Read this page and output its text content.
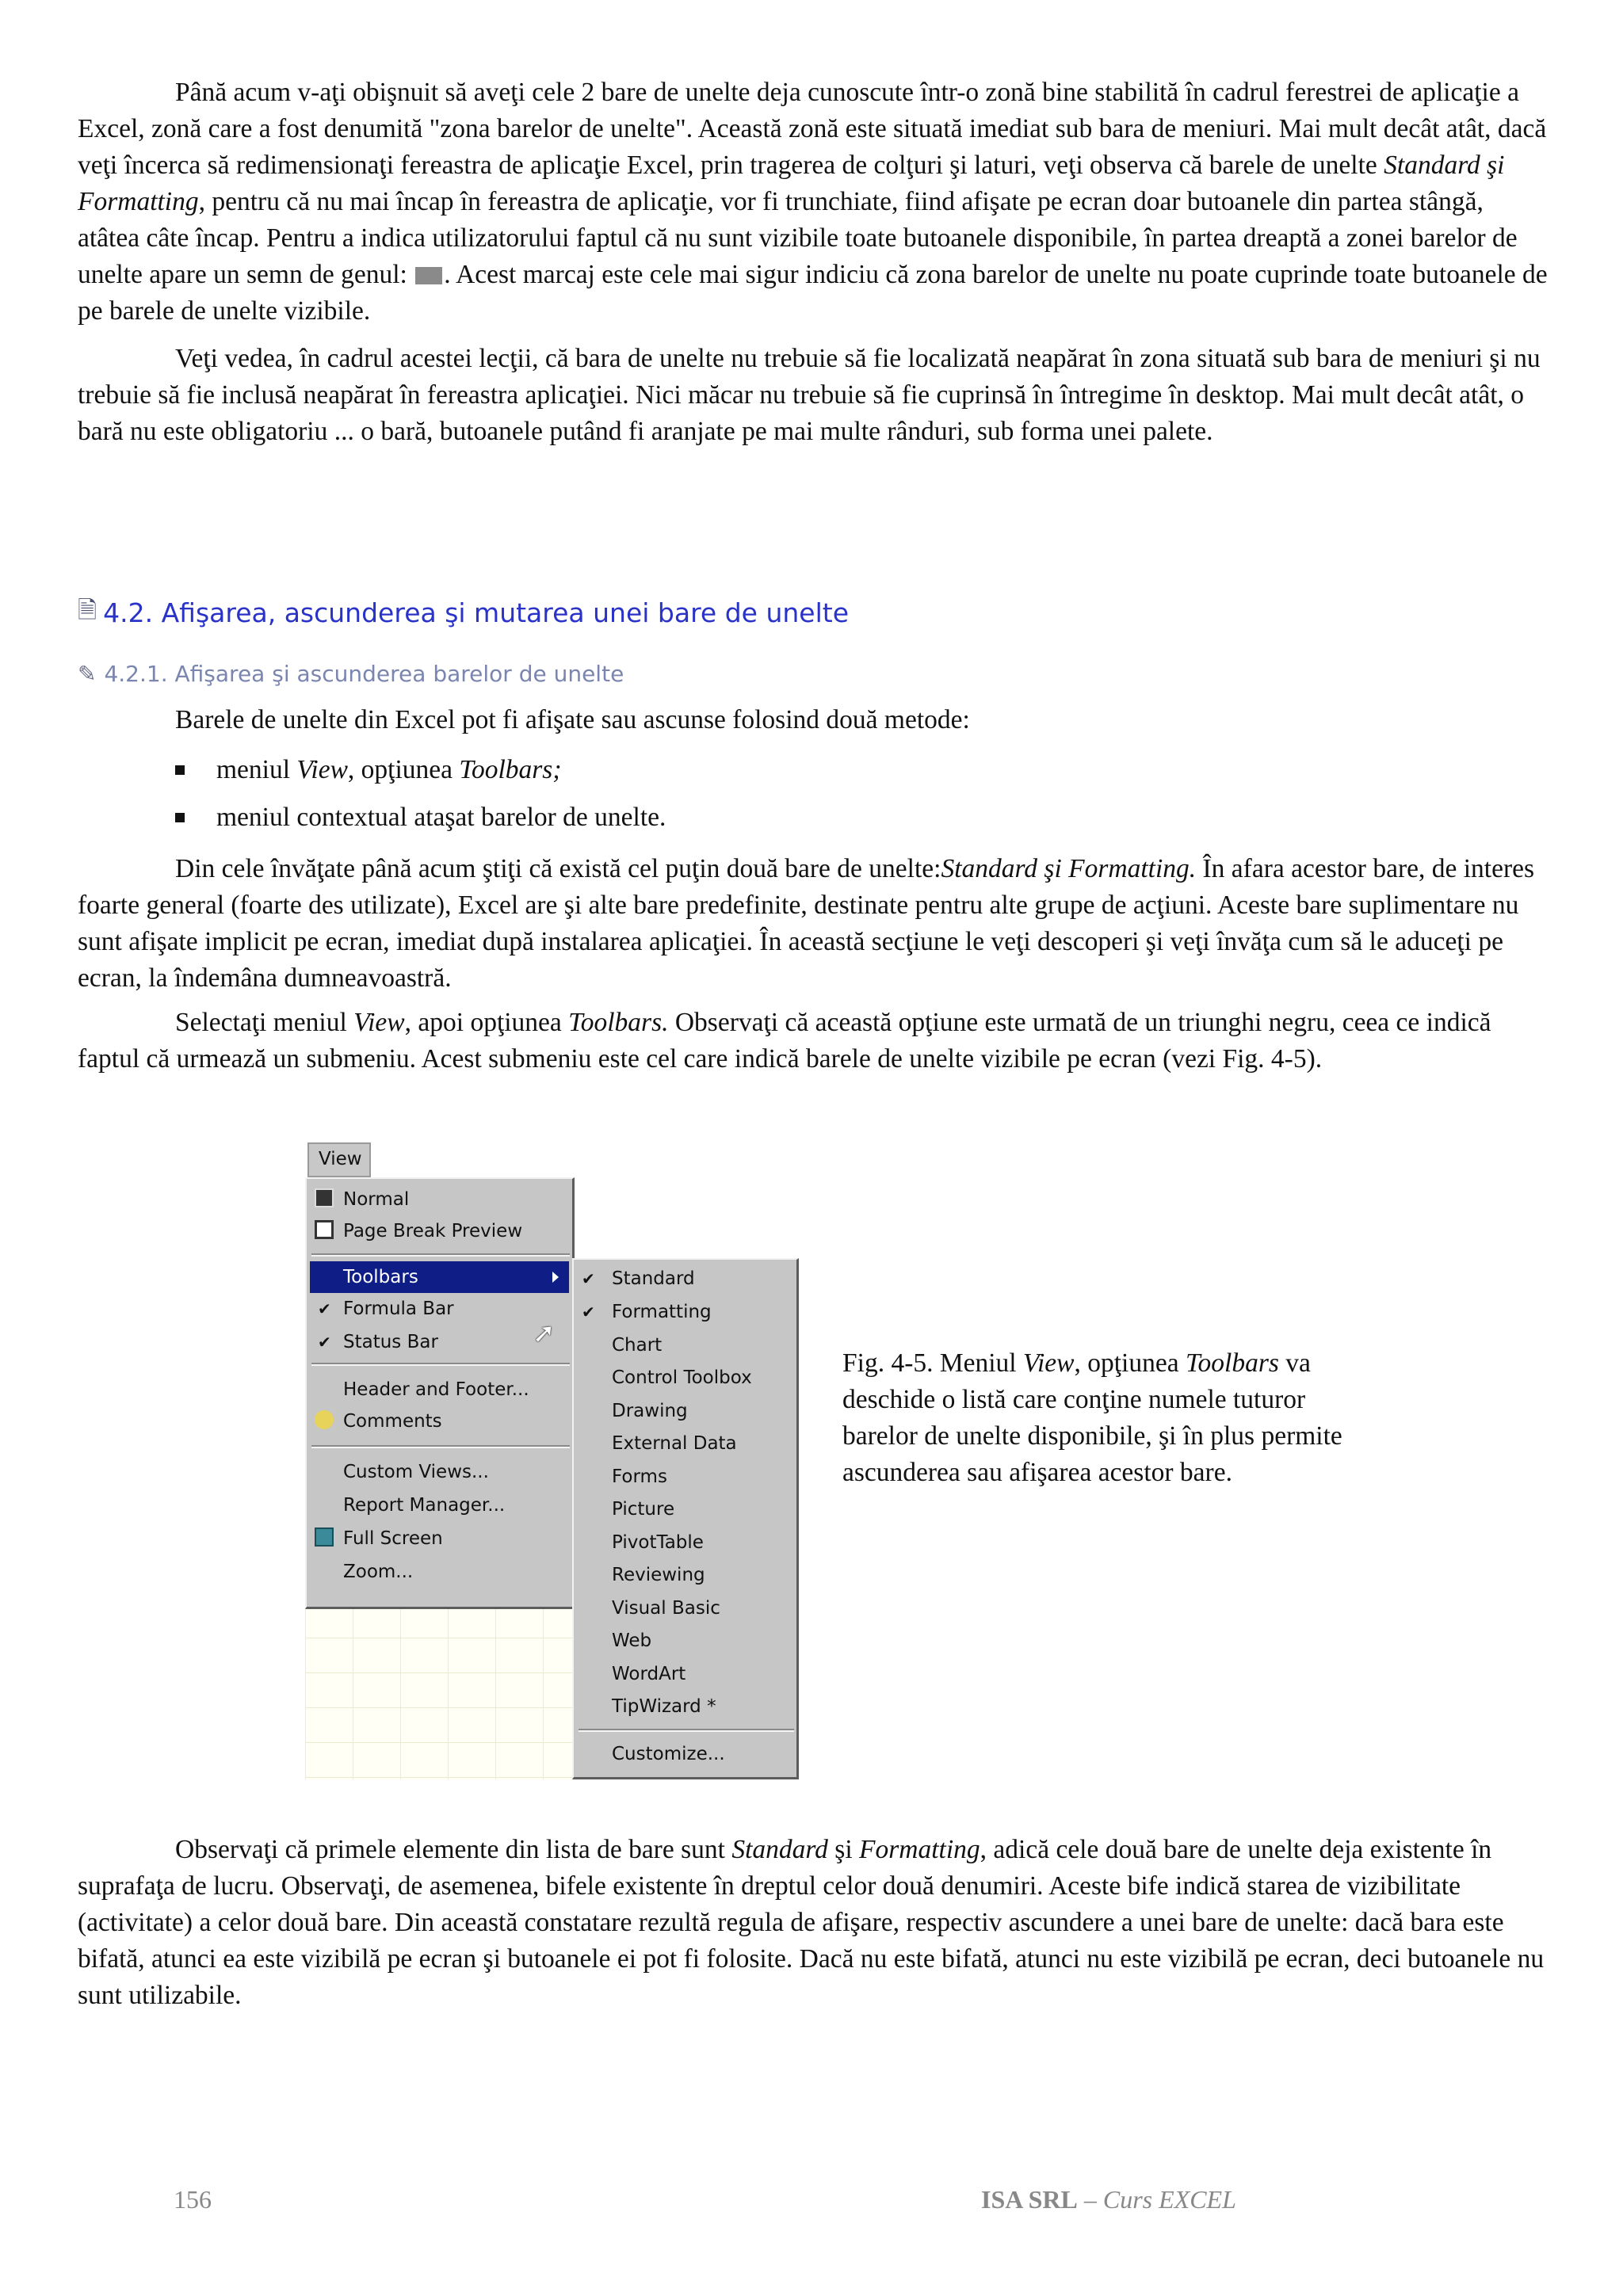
Până acum v-aţi obişnuit să aveţi cele 2 bare de unelte deja cunoscute într-o zonă bine stabilită în cadrul ferestrei de aplicaţie a Excel, zonă care a fost denumită "zona barelor de unelte". Această zonă este situată imediat sub bara de meniuri. Mai mult decât atât, dacă veţi încerca să redimensionaţi fereastra de aplicaţie Excel, prin tragerea de colţuri şi laturi, veţi observa că barele de unelte Standard şi Formatting, pentru că nu mai încap în fereastra de aplicaţie, vor fi trunchiate, fiind afişate pe ecran doar butoanele din partea stângă, atâtea câte încap. Pentru a indica utilizatorului faptul că nu sunt vizibile toate butoanele disponibile, în partea dreaptă a zonei barelor de unelte apare un semn de genul: . Acest marcaj este cele mai sigur indiciu că zona barelor de unelte nu poate cuprinde toate butoanele de pe barele de unelte vizibile.

Veţi vedea, în cadrul acestei lecţii, că bara de unelte nu trebuie să fie localizată neapărat în zona situată sub bara de meniuri şi nu trebuie să fie inclusă neapărat în fereastra aplicaţiei. Nici măcar nu trebuie să fie cuprinsă în întregime în desktop. Mai mult decât atât, o bară nu este obligatoriu ... o bară, butoanele putând fi aranjate pe mai multe rânduri, sub forma unei palete.

🗎 4.2. Afişarea, ascunderea şi mutarea unei bare de unelte
✎ 4.2.1. Afişarea şi ascunderea barelor de unelte

Barele de unelte din Excel pot fi afişate sau ascunse folosind două metode:

meniul View, opţiunea Toolbars;
meniul contextual ataşat barelor de unelte.

Din cele învăţate până acum ştiţi că există cel puţin două bare de unelte:Standard şi Formatting. În afara acestor bare, de interes foarte general (foarte des utilizate), Excel are şi alte bare predefinite, destinate pentru alte grupe de acţiuni. Aceste bare suplimentare nu sunt afişate implicit pe ecran, imediat după instalarea aplicaţiei. În această secţiune le veţi descoperi şi veţi învăţa cum să le aduceţi pe ecran, la îndemâna dumneavoastră.

Selectaţi meniul View, apoi opţiunea Toolbars. Observaţi că această opţiune este urmată de un triunghi negru, ceea ce indică faptul că urmează un submeniu. Acest submeniu este cel care indică barele de unelte vizibile pe ecran (vezi Fig. 4-5).

View
Normal
Page Break Preview
Toolbars
➚
✔ Formula Bar
✔ Status Bar
Header and Footer...
Comments
Custom Views...
Report Manager...
Full Screen
Zoom...
✔ Standard
✔ Formatting
Chart
Control Toolbox
Drawing
External Data
Forms
Picture
PivotTable
Reviewing
Visual Basic
Web
WordArt
TipWizard *
Customize...
Fig. 4-5. Meniul View, opţiunea Toolbars va deschide o listă care conţine numele tuturor barelor de unelte disponibile, şi în plus permite ascunderea sau afişarea acestor bare.

Observaţi că primele elemente din lista de bare sunt Standard şi Formatting, adică cele două bare de unelte deja existente în suprafaţa de lucru. Observaţi, de asemenea, bifele existente în dreptul celor două denumiri. Aceste bife indică starea de vizibilitate (activitate) a celor două bare. Din această constatare rezultă regula de afişare, respectiv ascundere a unei bare de unelte: dacă bara este bifată, atunci ea este vizibilă pe ecran şi butoanele ei pot fi folosite. Dacă nu este bifată, atunci nu este vizibilă pe ecran, deci butoanele nu sunt utilizabile.

156	ISA SRL – Curs EXCEL
